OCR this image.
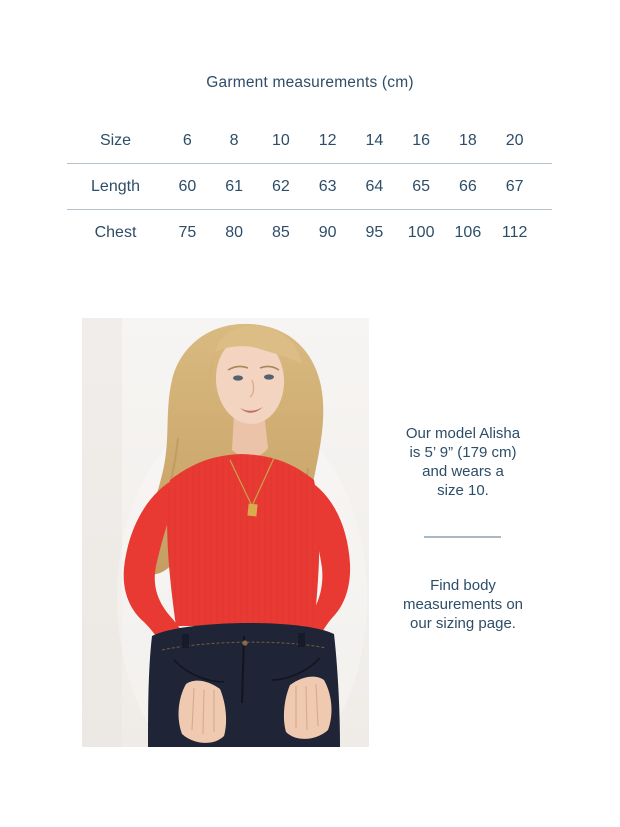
Garment measurements (cm)
Size	6	8	10	12	14	16	18	20
Length	60	61	62	63	64	65	66	67
Chest	75	80	85	90	95	100	106	112
Our model Alisha
is 5’ 9” (179 cm)
and wears a
size 10.
Find body
measurements on
our sizing page.
